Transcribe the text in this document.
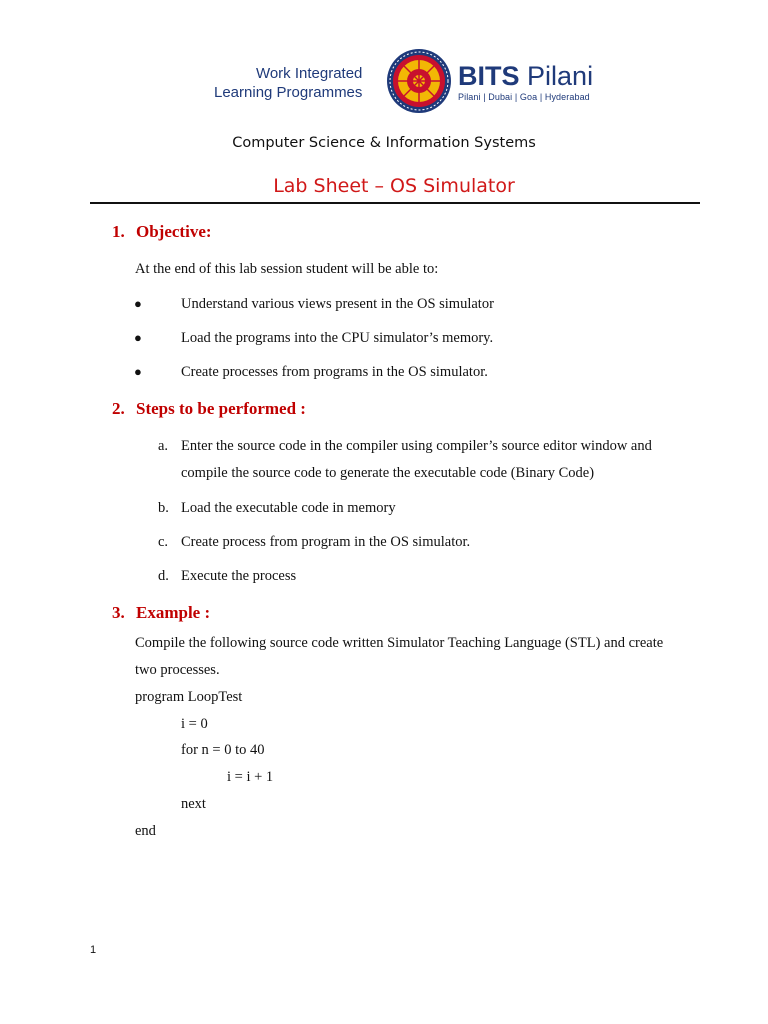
Work Integrated
Learning Programmes
BITS Pilani
Pilani | Dubai | Goa | Hyderabad
Computer Science & Information Systems
Lab Sheet – OS Simulator
1. Objective:
At the end of this lab session student will be able to:
●	Understand various views present in the OS simulator
●	Load the programs into the CPU simulator’s memory.
●	Create processes from programs in the OS simulator.
2. Steps to be performed :
a. Enter the source code in the compiler using compiler’s source editor window and
compile the source code to generate the executable code (Binary Code)
b. Load the executable code in memory
c. Create process from program in the OS simulator.
d. Execute the process
3. Example :
Compile the following source code written Simulator Teaching Language (STL) and create
two processes.
program LoopTest
i = 0
for n = 0 to 40
i = i + 1
next
end
1
